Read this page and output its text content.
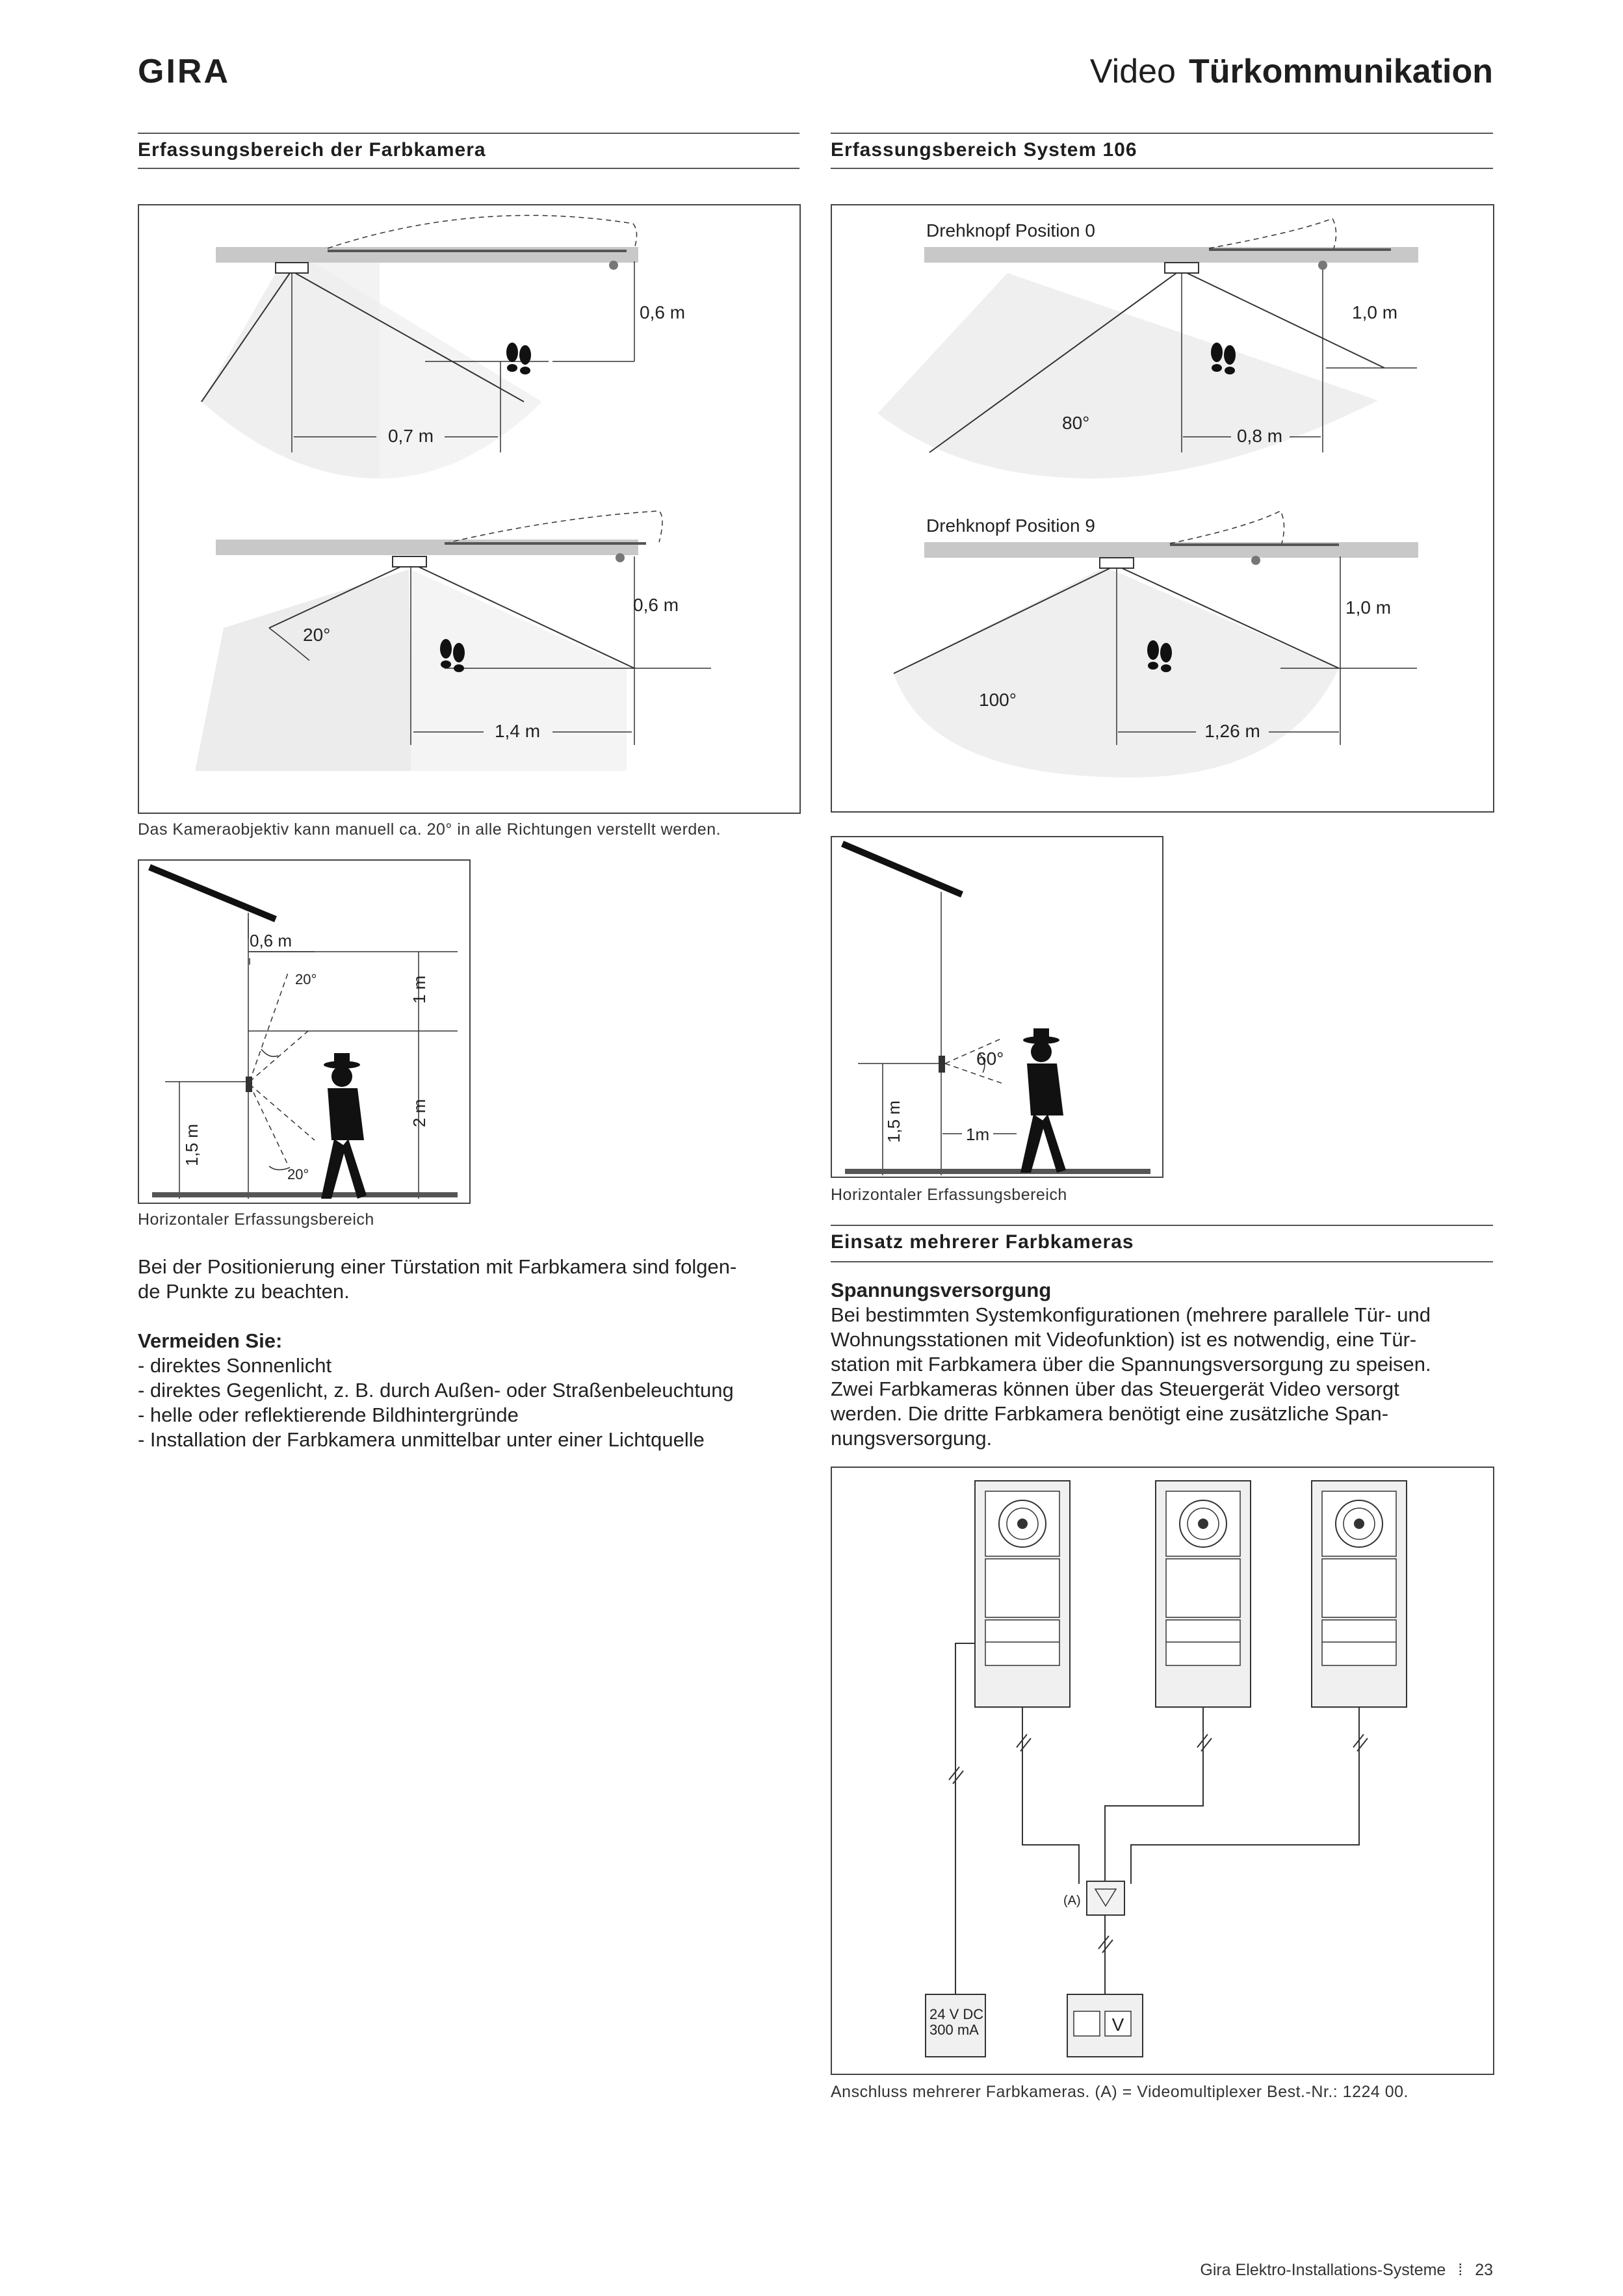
GIRA	Video Türkommunikation
Erfassungsbereich der Farbkamera	Erfassungsbereich System 106
0,6 m
0,7 m
0,6 m
1,4 m
20°
Das Kameraobjektiv kann manuell ca. 20° in alle Richtungen verstellt werden.
Drehknopf Position 0
1,0 m
80°
0,8 m
Drehknopf Position 9
1,0 m
100°
1,26 m
0,6 m
20°
20°
1,5 m
1 m
2 m
Horizontaler Erfassungsbereich
60°
1,5 m	1m
Horizontaler Erfassungsbereich

Bei der Positionierung einer Türstation mit Farbkamera sind folgen-

de Punkte zu beachten.

Vermeiden Sie:

- direktes Sonnenlicht

- direktes Gegenlicht, z. B. durch Außen- oder Straßenbeleuchtung

- helle oder reflektierende Bildhintergründe

- Installation der Farbkamera unmittelbar unter einer Lichtquelle

Einsatz mehrerer Farbkameras

Spannungsversorgung

Bei bestimmten Systemkonfigurationen (mehrere parallele Tür- und

Wohnungsstationen mit Videofunktion) ist es notwendig, eine Tür-

station mit Farbkamera über die Spannungsversorgung zu speisen.

Zwei Farbkameras können über das Steuergerät Video versorgt

werden. Die dritte Farbkamera benötigt eine zusätzliche Span-

nungsversorgung.

(A)
24 V DC
300 mA	V
Anschluss mehrerer Farbkameras. (A) = Videomultiplexer Best.-Nr.: 1224 00.
Gira Elektro-Installations-Systeme ⁞ 23
